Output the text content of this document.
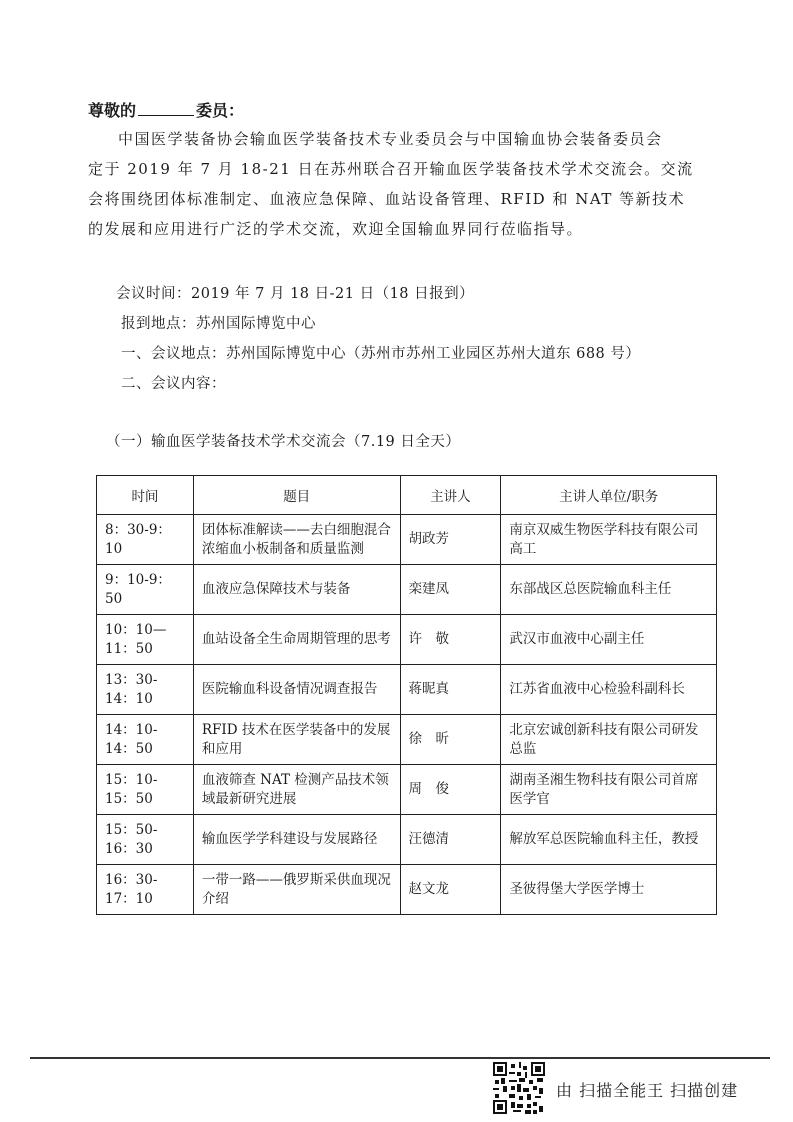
尊敬的	委员：
中国医学装备协会输血医学装备技术专业委员会与中国输血协会装备委员会
定于 2019 年 7 月 18-21 日在苏州联合召开输血医学装备技术学术交流会。交流
会将围绕团体标准制定、血液应急保障、血站设备管理、RFID 和 NAT 等新技术
的发展和应用进行广泛的学术交流，欢迎全国输血界同行莅临指导。
会议时间：2019 年 7 月 18 日-21 日（18 日报到）
报到地点：苏州国际博览中心
一、会议地点：苏州国际博览中心（苏州市苏州工业园区苏州大道东 688 号）
二、会议内容：
（一）输血医学装备技术学术交流会（7.19 日全天）
时间	题目	主讲人	主讲人单位/职务
8：30-9：10	团体标准解读——去白细胞混合浓缩血小板制备和质量监测	胡政芳	南京双威生物医学科技有限公司高工
9：10-9：50	血液应急保障技术与装备	栾建凤	东部战区总医院输血科主任
10：10—11：50	血站设备全生命周期管理的思考	许　敬	武汉市血液中心副主任
13：30-14：10	医院输血科设备情况调查报告	蒋昵真	江苏省血液中心检验科副科长
14：10-14：50	RFID 技术在医学装备中的发展和应用	徐　昕	北京宏诚创新科技有限公司研发总监
15：10-15：50	血液筛查 NAT 检测产品技术领域最新研究进展	周　俊	湖南圣湘生物科技有限公司首席医学官
15：50-16：30	输血医学学科建设与发展路径	汪德清	解放军总医院输血科主任，教授
16：30-17：10	一带一路——俄罗斯采供血现况介绍	赵文龙	圣彼得堡大学医学博士
由 扫描全能王 扫描创建
